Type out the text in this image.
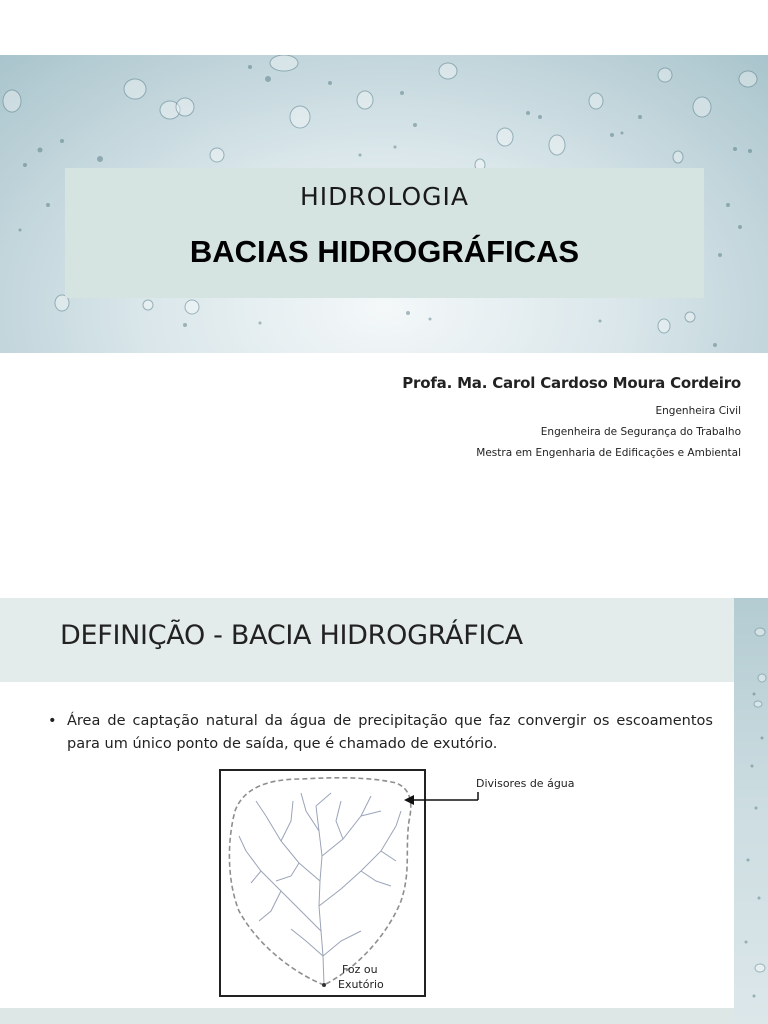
HIDROLOGIA
BACIAS HIDROGRÁFICAS
Profa. Ma. Carol Cardoso Moura Cordeiro
Engenheira Civil
Engenheira de Segurança do Trabalho
Mestra em Engenharia de Edificações e Ambiental
DEFINIÇÃO - BACIA HIDROGRÁFICA
• Área de captação natural da água de precipitação que faz convergir os escoamentos para um único ponto de saída, que é chamado de exutório.
Divisores de água
Foz ou
Exutório
